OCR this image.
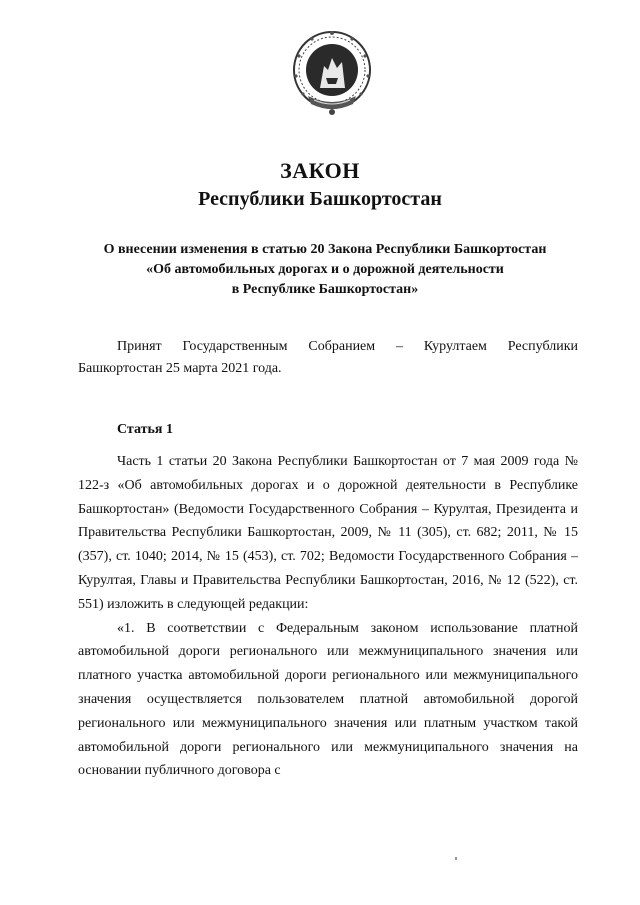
ЗАКОН
Республики Башкортостан
О внесении изменения в статью 20 Закона Республики Башкортостан
«Об автомобильных дорогах и о дорожной деятельности
в Республике Башкортостан»

Принят Государственным Собранием – Курултаем Республики Башкортостан 25 марта 2021 года.

Статья 1

Часть 1 статьи 20 Закона Республики Башкортостан от 7 мая 2009 года № 122-з «Об автомобильных дорогах и о дорожной деятельности в Республике Башкортостан» (Ведомости Государственного Собрания – Курултая, Президента и Правительства Республики Башкортостан, 2009, № 11 (305), ст. 682; 2011, № 15 (357), ст. 1040; 2014, № 15 (453), ст. 702; Ведомости Государственного Собрания – Курултая, Главы и Правительства Республики Башкортостан, 2016, № 12 (522), ст. 551) изложить в следующей редакции:

«1. В соответствии с Федеральным законом использование платной автомобильной дороги регионального или межмуниципального значения или платного участка автомобильной дороги регионального или межмуниципального значения осуществляется пользователем платной автомобильной дорогой регионального или межмуниципального значения или платным участком такой автомобильной дороги регионального или межмуниципального значения на основании публичного договора с
